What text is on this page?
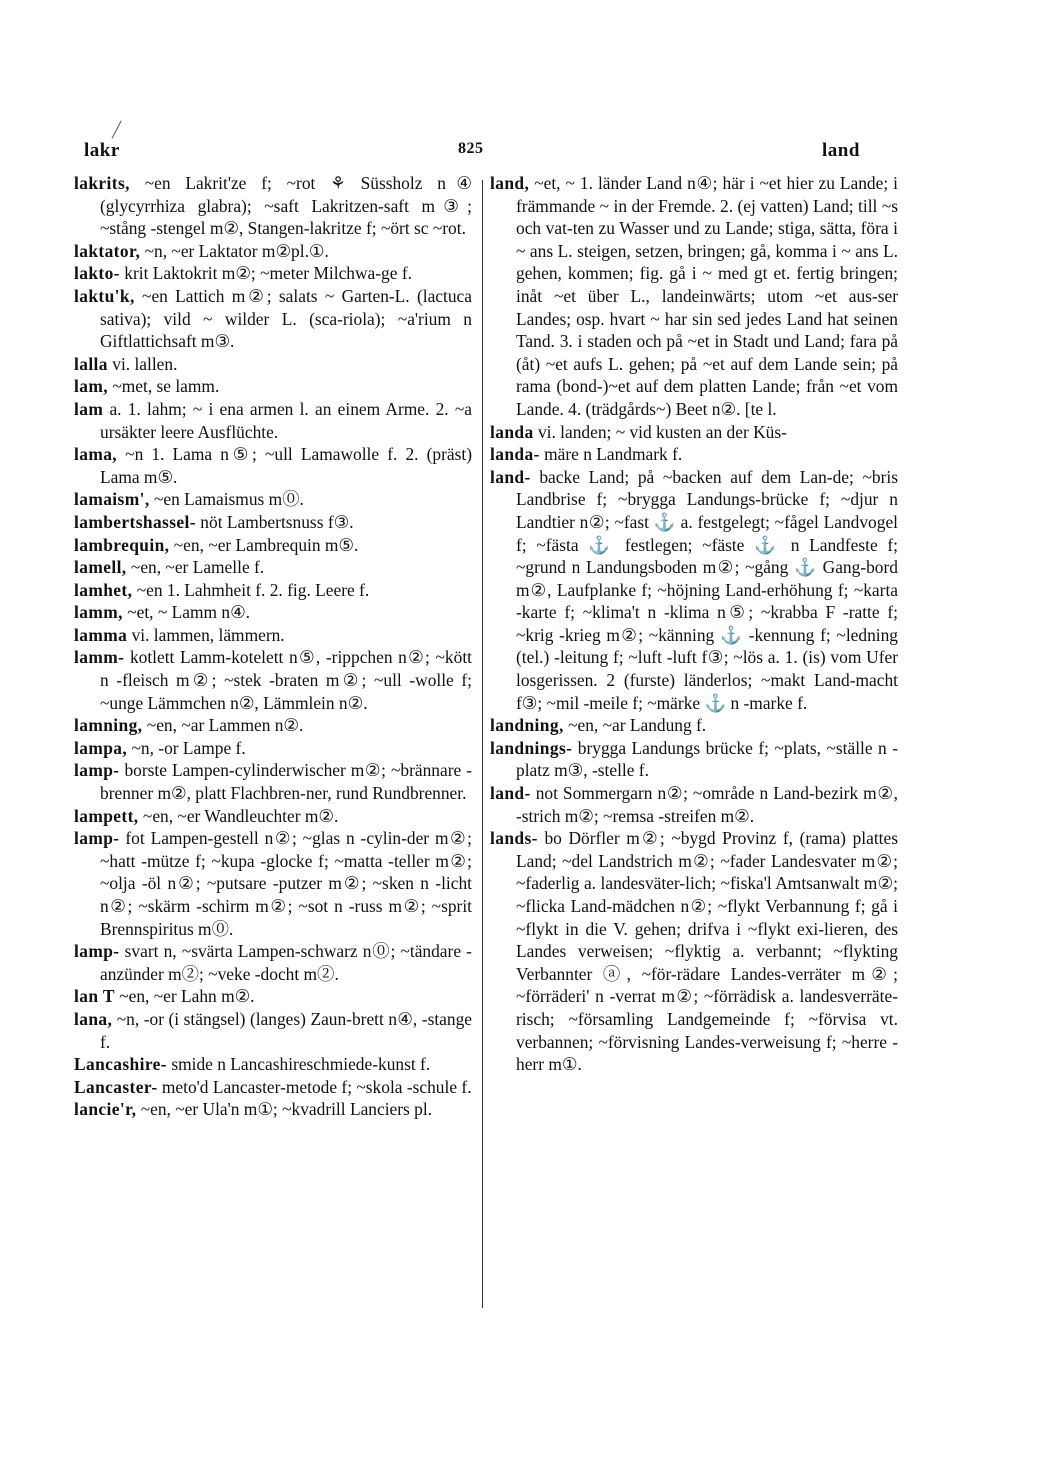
lakr	825	land

lakrits, ~en Lakrit'ze f; ~rot ⚘ Süssholz n④ (glycyrrhiza glabra); ~saft Lakritzen-saft m③; ~stång -stengel m②, Stangen-lakritze f; ~ört sc ~rot.

laktator, ~n, ~er Laktator m②pl.①.

lakto- krit Laktokrit m②; ~meter Milchwa-ge f.

laktu'k, ~en Lattich m②; salats ~ Garten-L. (lactuca sativa); vild ~ wilder L. (sca-riola); ~a'rium n Giftlattichsaft m③.

lalla vi. lallen.

lam, ~met, se lamm.

lam a. 1. lahm; ~ i ena armen l. an einem Arme. 2. ~a ursäkter leere Ausflüchte.

lama, ~n 1. Lama n⑤; ~ull Lamawolle f. 2. (präst) Lama m⑤.

lamaism', ~en Lamaismus m⓪.

lambertshassel- nöt Lambertsnuss f③.

lambrequin, ~en, ~er Lambrequin m⑤.

lamell, ~en, ~er Lamelle f.

lamhet, ~en 1. Lahmheit f. 2. fig. Leere f.

lamm, ~et, ~ Lamm n④.

lamma vi. lammen, lämmern.

lamm- kotlett Lamm-kotelett n⑤, -rippchen n②; ~kött n -fleisch m②; ~stek -braten m②; ~ull -wolle f; ~unge Lämmchen n②, Lämmlein n②.

lamning, ~en, ~ar Lammen n②.

lampa, ~n, -or Lampe f.

lamp- borste Lampen-cylinderwischer m②; ~brännare -brenner m②, platt Flachbren-ner, rund Rundbrenner.

lampett, ~en, ~er Wandleuchter m②.

lamp- fot Lampen-gestell n②; ~glas n -cylin-der m②; ~hatt -mütze f; ~kupa -glocke f; ~matta -teller m②; ~olja -öl n②; ~putsare -putzer m②; ~sken n -licht n②; ~skärm -schirm m②; ~sot n -russ m②; ~sprit Brennspiritus m⓪.

lamp- svart n, ~svärta Lampen-schwarz n⓪; ~tändare -anzünder m②; ~veke -docht m②.

lan T ~en, ~er Lahn m②.

lana, ~n, -or (i stängsel) (langes) Zaun-brett n④, -stange f.

Lancashire- smide n Lancashireschmiede-kunst f.

Lancaster- meto'd Lancaster-metode f; ~skola -schule f.

lancie'r, ~en, ~er Ula'n m①; ~kvadrill Lanciers pl.

land, ~et, ~ 1. länder Land n④; här i ~et hier zu Lande; i främmande ~ in der Fremde. 2. (ej vatten) Land; till ~s och vat-ten zu Wasser und zu Lande; stiga, sätta, föra i ~ ans L. steigen, setzen, bringen; gå, komma i ~ ans L. gehen, kommen; fig. gå i ~ med gt et. fertig bringen; inåt ~et über L., landeinwärts; utom ~et aus-ser Landes; osp. hvart ~ har sin sed jedes Land hat seinen Tand. 3. i staden och på ~et in Stadt und Land; fara på (åt) ~et aufs L. gehen; på ~et auf dem Lande sein; på rama (bond-)~et auf dem platten Lande; från ~et vom Lande. 4. (trädgårds~) Beet n②. [te l.

landa vi. landen; ~ vid kusten an der Küs-

landa- märe n Landmark f.

land- backe Land; på ~backen auf dem Lan-de; ~bris Landbrise f; ~brygga Landungs-brücke f; ~djur n Landtier n②; ~fast ⚓ a. festgelegt; ~fågel Landvogel f; ~fästa ⚓ festlegen; ~fäste ⚓ n Landfeste f; ~grund n Landungsboden m②; ~gång ⚓ Gang-bord m②, Laufplanke f; ~höjning Land-erhöhung f; ~karta -karte f; ~klima't n -klima n⑤; ~krabba F -ratte f; ~krig -krieg m②; ~känning ⚓ -kennung f; ~ledning (tel.) -leitung f; ~luft -luft f③; ~lös a. 1. (is) vom Ufer losgerissen. 2 (furste) länderlos; ~makt Land-macht f③; ~mil -meile f; ~märke ⚓ n -marke f.

landning, ~en, ~ar Landung f.

landnings- brygga Landungs brücke f; ~plats, ~ställe n -platz m③, -stelle f.

land- not Sommergarn n②; ~område n Land-bezirk m②, -strich m②; ~remsa -streifen m②.

lands- bo Dörfler m②; ~bygd Provinz f, (rama) plattes Land; ~del Landstrich m②; ~fader Landesvater m②; ~faderlig a. landesväter-lich; ~fiska'l Amtsanwalt m②; ~flicka Land-mädchen n②; ~flykt Verbannung f; gå i ~flykt in die V. gehen; drifva i ~flykt exi-lieren, des Landes verweisen; ~flyktig a. verbannt; ~flykting Verbannter ⓐ, ~för-rädare Landes-verräter m②; ~förräderi' n -verrat m②; ~förrädisk a. landesverräte-risch; ~församling Landgemeinde f; ~förvisa vt. verbannen; ~förvisning Landes-verweisung f; ~herre -herr m①.
